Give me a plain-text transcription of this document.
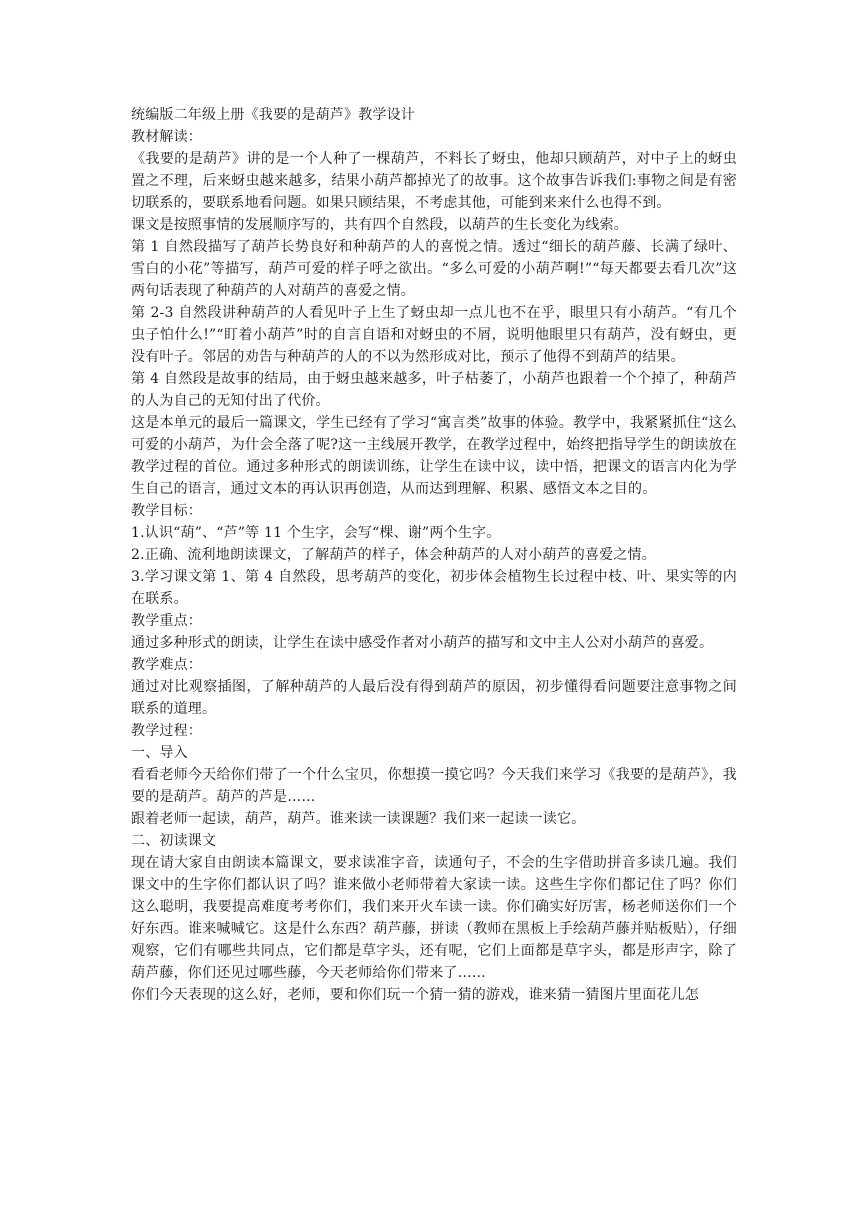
统编版二年级上册《我要的是葫芦》教学设计

教材解读：

《我要的是葫芦》讲的是一个人种了一棵葫芦，不料长了蚜虫，他却只顾葫芦，对中子上的蚜虫置之不理，后来蚜虫越来越多，结果小葫芦都掉光了的故事。这个故事告诉我们:事物之间是有密切联系的，要联系地看问题。如果只顾结果，不考虑其他，可能到来来什么也得不到。

课文是按照事情的发展顺序写的，共有四个自然段，以葫芦的生长变化为线索。

第 1 自然段描写了葫芦长势良好和种葫芦的人的喜悦之情。透过“细长的葫芦藤、长满了绿叶、雪白的小花”等描写，葫芦可爱的样子呼之欲出。“多么可爱的小葫芦啊!”“每天都要去看几次”这两句话表现了种葫芦的人对葫芦的喜爱之情。

第 2-3 自然段讲种葫芦的人看见叶子上生了蚜虫却一点儿也不在乎，眼里只有小葫芦。“有几个虫子怕什么!”“盯着小葫芦”时的自言自语和对蚜虫的不屑，说明他眼里只有葫芦，没有蚜虫，更没有叶子。邻居的劝告与种葫芦的人的不以为然形成对比，预示了他得不到葫芦的结果。

第 4 自然段是故事的结局，由于蚜虫越来越多，叶子枯萎了，小葫芦也跟着一个个掉了，种葫芦的人为自己的无知付出了代价。

这是本单元的最后一篇课文，学生已经有了学习“寓言类”故事的体验。教学中，我紧紧抓住“这么可爱的小葫芦，为什会全落了呢?这一主线展开教学，在教学过程中，始终把指导学生的朗读放在教学过程的首位。通过多种形式的朗读训练，让学生在读中议，读中悟，把课文的语言内化为学生自己的语言，通过文本的再认识再创造，从而达到理解、积累、感悟文本之目的。

教学目标：

1.认识“葫”、“芦”等 11 个生字，会写“棵、谢”两个生字。

2.正确、流利地朗读课文，了解葫芦的样子，体会种葫芦的人对小葫芦的喜爱之情。

3.学习课文第 1、第 4 自然段，思考葫芦的变化，初步体会植物生长过程中枝、叶、果实等的内在联系。

教学重点：

通过多种形式的朗读，让学生在读中感受作者对小葫芦的描写和文中主人公对小葫芦的喜爱。

教学难点：

通过对比观察插图，了解种葫芦的人最后没有得到葫芦的原因，初步懂得看问题要注意事物之间联系的道理。

教学过程：

一、导入

看看老师今天给你们带了一个什么宝贝，你想摸一摸它吗？今天我们来学习《我要的是葫芦》，我要的是葫芦。葫芦的芦是……

跟着老师一起读，葫芦，葫芦。谁来读一读课题？我们来一起读一读它。

二、初读课文

现在请大家自由朗读本篇课文，要求读准字音，读通句子，不会的生字借助拼音多读几遍。我们课文中的生字你们都认识了吗？谁来做小老师带着大家读一读。这些生字你们都记住了吗？你们这么聪明，我要提高难度考考你们，我们来开火车读一读。你们确实好厉害，杨老师送你们一个好东西。谁来喊喊它。这是什么东西？葫芦藤，拼读（教师在黑板上手绘葫芦藤并贴板贴），仔细观察，它们有哪些共同点，它们都是草字头，还有呢，它们上面都是草字头，都是形声字，除了葫芦藤，你们还见过哪些藤，今天老师给你们带来了……

你们今天表现的这么好，老师，要和你们玩一个猜一猜的游戏，谁来猜一猜图片里面花儿怎
